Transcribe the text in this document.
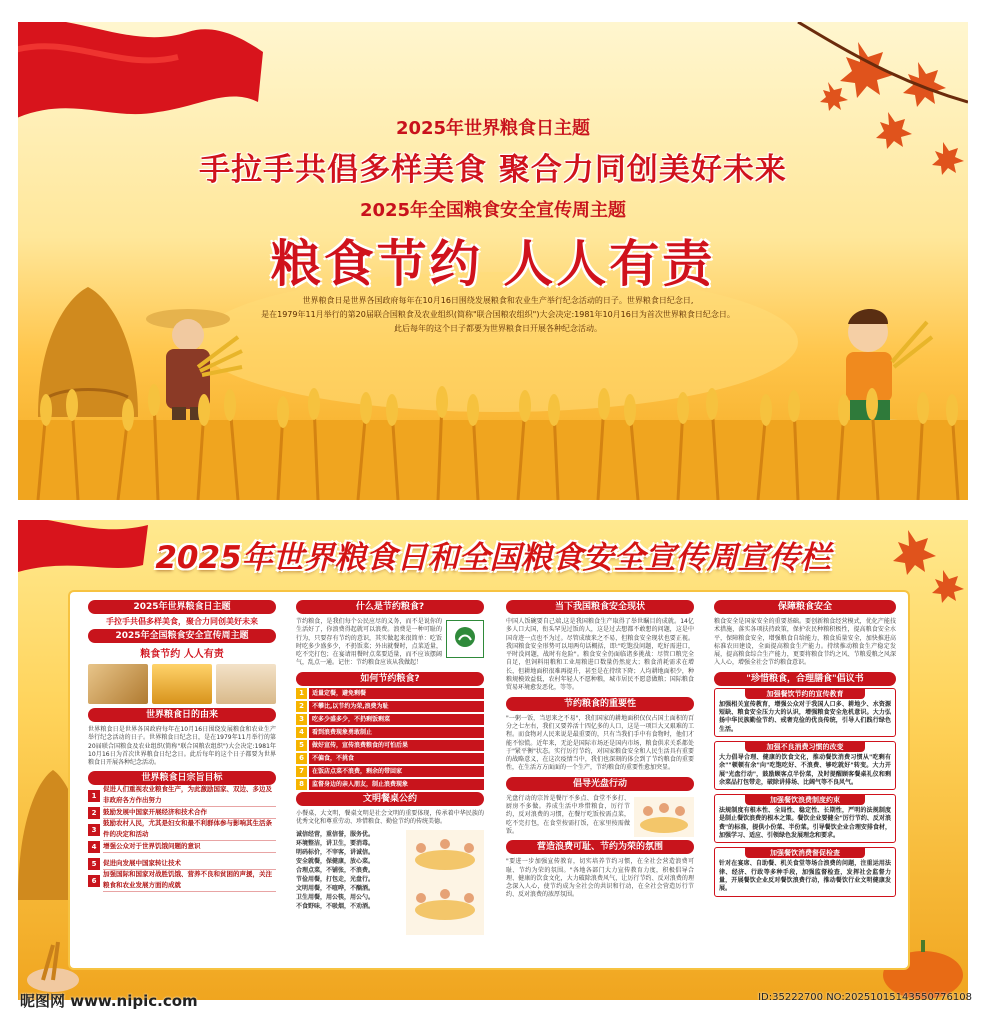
2025年世界粮食日主题
手拉手共倡多样美食 聚合力同创美好未来
2025年全国粮食安全宣传周主题
粮食节约 人人有责
世界粮食日是世界各国政府每年在10月16日围绕发展粮食和农业生产举行纪念活动的日子。世界粮食日纪念日,
是在1979年11月举行的第20届联合国粮食及农业组织(简称"联合国粮农组织")大会决定:1981年10月16日为首次世界粮食日纪念日。
此后每年的这个日子都要为世界粮食日开展各种纪念活动。
2025年世界粮食日和全国粮食安全宣传周宣传栏
2025年世界粮食日主题
手拉手共倡多样美食，聚合力同创美好未来
2025年全国粮食安全宣传周主题
粮食节约 人人有责
世界粮食日的由来
世界粮食日是世界各国政府每年在10月16日围绕发展粮食和农业生产举行纪念活动的日子。世界粮食日纪念日，是在1979年11月举行的第20届联合国粮食及农业组织(简称"联合国粮农组织")大会决定:1981年10月16日为首次世界粮食日纪念日。此后每年的这个日子都要为世界粮食日开展各种纪念活动。
世界粮食日宗旨目标
1
促进人们重视农业粮食生产，为此激励国家、双边、多边及非政府各方作出努力
2	鼓励发展中国家开展经济和技术合作
3
鼓励农村人民，尤其是妇女和最不利群体参与影响其生活条件的决定和活动
4	增强公众对于世界饥饿问题的意识
5	促进向发展中国家转让技术
6
加强国际和国家对战胜饥饿、营养不良和贫困的声援，关注粮食和农业发展方面的成就
什么是节约粮食?
节约粮食，是我们每个公民应尽的义务，而不是说你的生活好了，你浪费得起就可以浪费。浪费是一种可耻的行为，只要存有节约的意识，其实做起来很简单：吃饭时吃多少盛多少，不扔饭菜；外出就餐时，点菜适量，吃不完打包；在宴请用餐时点菜要适量，而不应该摆阔气，乱点一通。记住：节约粮食应该从我做起！
如何节约粮食?
1	适量定餐，避免剩餐
2	不攀比,以节约为荣,浪费为耻
3	吃多少盛多少，不扔剩饭剩菜
4	看到浪费现象勇敢制止
5	做好宣传，宣传浪费粮食的可怕后果
6	不偏食，不挑食
7	在饭店点菜不浪费，剩余的带回家
8	监督身边的亲人朋友，制止浪费现象
文明餐桌公约
小餐桌，大文明，餐桌文明是社会文明的重要体现，传承着中华民族的优秀文化和尊重劳动、珍惜粮食、勤俭节约的传统美德。
诚信经营，重信誉，服务优。
环境整洁，讲卫生，要消毒。
明码标价，不宰客，讲诚信。
安全就餐，保健康，放心菜。
合理点菜，不铺张，不浪费。
节俭用餐，打包走，光盘行。
文明用餐，不喧哗，不酗酒。
卫生用餐，用公筷，用公勺。
不食野味，不吸烟，不劝酒。
当下我国粮食安全现状
中国人饭碗要自己端,这是我国粮食生产取得了举世瞩目的成就。14亿多人口大国，衔头罕见过饭的人，这是过去想都不敢想的问题，这是中国奇迹一点也不为过。尽管成绩来之不易，但粮食安全现状也要正视。我国粮食安全形势可以用两句话概括，即:"吃饱没问题，吃好需进口，平时没问题，战时有危险"。粮食安全仍面临诸多挑战：尽管口粮完全自足，但饲料用粮和工业用粮进口数量仍然庞大；粮食消耗需求在增长，但耕地面积很难再提升，甚至是在持续下降；人均耕地面积少，种粮规模效益低，农村年轻人不愿种粮，城市居民不愿意做粮；国际粮食贸易环境愈发恶化，等等。
节约粮食的重要性
"一粥一饭，当思来之不易"，我们国家的耕地面积仅仅占国土面积的百分之七左右，我们又要养活十四亿多的人口，这是一项巨大又艰难的工程。而食物对人民来说是最重要的，只有当我们手中有食物时，他们才能不惊慌。近年来，无论是国际市场还是国内市场，粮食供求关系都处于"紧平衡"状态。实行厉行节约，对国家粮食安全和人民生活具有重要的战略意义，在这次疫情当中，我们也深刻的体会到了节约粮食的重要性，在生活方方面面的一个生产，节约粮食的重要性愈加突显。
倡导光盘行动
光盘行动的宗旨是餐厅不多点、食堂不多打、厨房不多做。养成生活中珍惜粮食，厉行节约，反对浪费的习惯，在餐厅吃饭按需点菜，吃不完打包，在食堂按需打饭，在家里按需做饭。
营造浪费可耻、节约为荣的氛围
"要进一步加强宣传教育，切实培养节约习惯，在全社会营造浪费可耻、节约为荣的氛围。"各地各部门大力宣传教育力度，积极倡导合理、健康的饮食文化，大力破除浪费风气，让厉行节约、反对浪费的理念深入人心，使节约成为全社会的共识和行动，在全社会营造厉行节约、反对浪费的浓厚氛围。
保障粮食安全
粮食安全是国家安全的重要基础。要创新粮食经营模式，优化产能技术措施，落实各项扶持政策，保护农民种粮积极性，提高粮食安全水平，保障粮食安全，增强粮食自给能力，粮食质量安全，加快推进高标准农田建设，全面提高粮食生产能力。持续推动粮食生产稳定发展，提高粮食综合生产能力，更要将粮食节约之风、节粮爱粮之风深入人心，增强全社会节约粮食意识。
"珍惜粮食，合理膳食"倡议书
加强餐饮节约的宣传教育
加强相关宣传教育，增强公众对于我国人口多、耕地少、水资源短缺、粮食安全压力大的认识，增强粮食安全危机意识。大力弘扬中华民族勤俭节约、戒奢克俭的优良传统，引导人们践行绿色生活。
加强不良消费习惯的改变
大力倡导合理、健康的饮食文化，推动餐饮消费习惯从"吃剩有余""顿顿有余"向"吃饱吃好、不浪费、够吃就好"转变。大力开展"光盘行动"，鼓励顾客点半份菜，及时提醒顾客餐桌礼仪和剩余菜品打包带走，破除讲排场、比阔气等不良风气。
加强餐饮浪费制度约束
法规制度有根本性、全局性、稳定性、长期性，严明的法规制度是制止餐饮浪费的根本之策。餐饮企业要健全"厉行节约、反对浪费"的标准，提供小份菜、半份菜。引导餐饮企业合理安排食材，加强学习、适应、引领绿色发展理念和要求。
加强餐饮消费督促检查
针对在宴席、自助餐、机关食堂等场合浪费的问题，注重运用法律、经济、行政等多种手段，加强监督检查，发挥社会监督力量，开展餐饮企业反对餐饮浪费行动，推动餐饮行业文明健康发展。
昵图网 www.nipic.com	ID:35222700 NO:20251015143550776108
